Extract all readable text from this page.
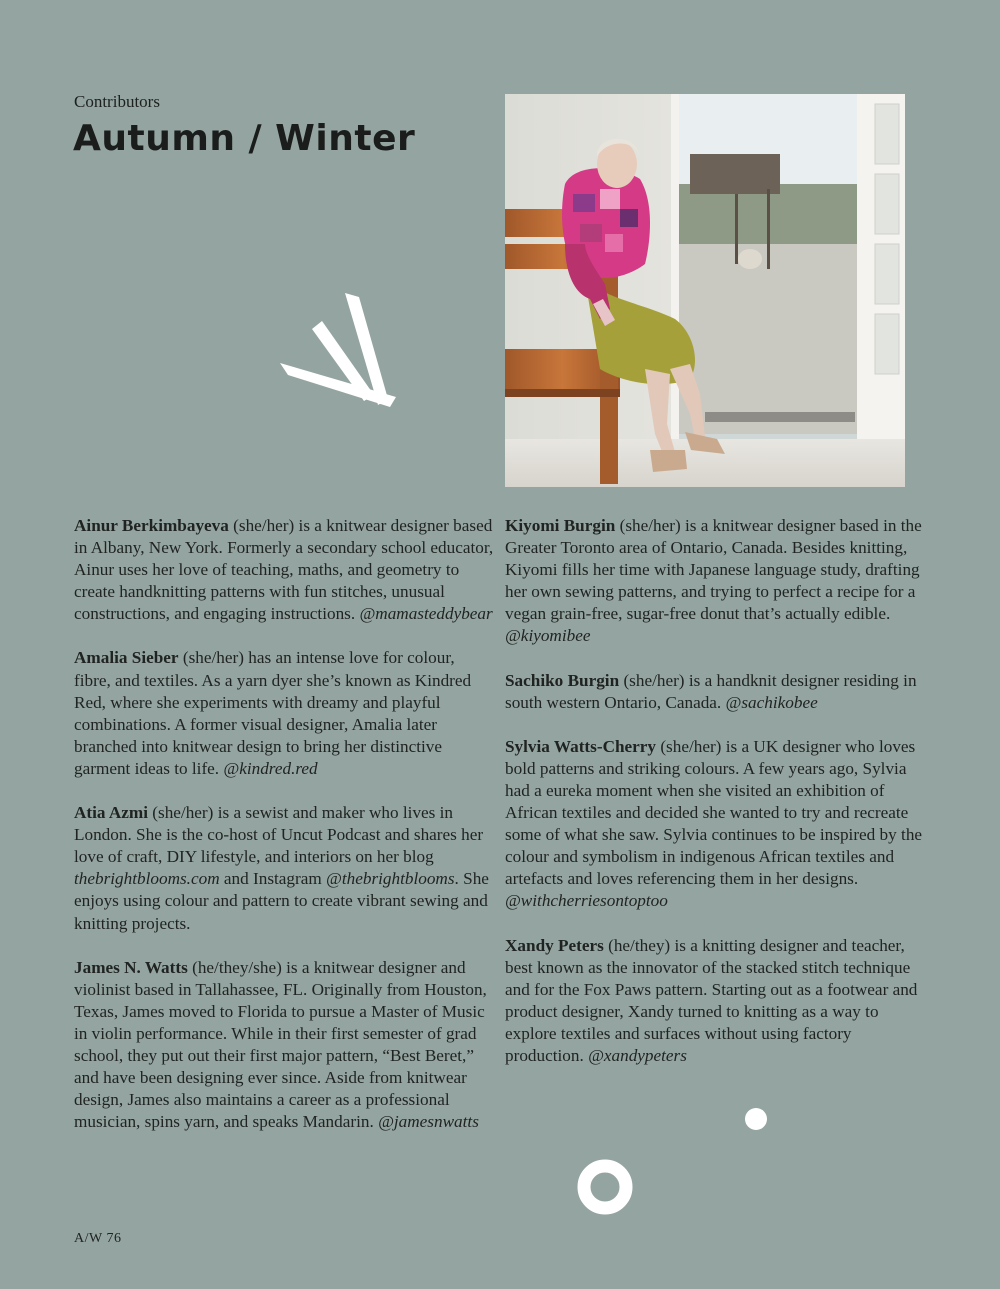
Contributors
Autumn / Winter

Ainur Berkimbayeva (she/her) is a knitwear designer based in Albany, New York. Formerly a secondary school educator, Ainur uses her love of teaching, maths, and geometry to create handknitting patterns with fun stitches, unusual constructions, and engaging instructions. @mamasteddybear

Amalia Sieber (she/her) has an intense love for colour, fibre, and textiles. As a yarn dyer she’s known as Kindred Red, where she experiments with dreamy and playful combinations. A former visual designer, Amalia later branched into knitwear design to bring her distinctive garment ideas to life. @kindred.red

Atia Azmi (she/her) is a sewist and maker who lives in London. She is the co-host of Uncut Podcast and shares her love of craft, DIY lifestyle, and interiors on her blog thebrightblooms.com and Instagram @thebrightblooms. She enjoys using colour and pattern to create vibrant sewing and knitting projects.

James N. Watts (he/they/she) is a knitwear designer and violinist based in Tallahassee, FL. Originally from Houston, Texas, James moved to Florida to pursue a Master of Music in violin performance. While in their first semester of grad school, they put out their first major pattern, “Best Beret,” and have been designing ever since. Aside from knitwear design, James also maintains a career as a professional musician, spins yarn, and speaks Mandarin. @jamesnwatts

Kiyomi Burgin (she/her) is a knitwear designer based in the Greater Toronto area of Ontario, Canada. Besides knitting, Kiyomi fills her time with Japanese language study, drafting her own sewing patterns, and trying to perfect a recipe for a vegan grain-free, sugar-free donut that’s actually edible. @kiyomibee

Sachiko Burgin (she/her) is a handknit designer residing in south western Ontario, Canada. @sachikobee

Sylvia Watts-Cherry (she/her) is a UK designer who loves bold patterns and striking colours. A few years ago, Sylvia had a eureka moment when she visited an exhibition of African textiles and decided she wanted to try and recreate some of what she saw. Sylvia continues to be inspired by the colour and symbolism in indigenous African textiles and artefacts and loves referencing them in her designs. @withcherriesontoptoo

Xandy Peters (he/they) is a knitting designer and teacher, best known as the innovator of the stacked stitch technique and for the Fox Paws pattern. Starting out as a footwear and product designer, Xandy turned to knitting as a way to explore textiles and surfaces without using factory production. @xandypeters

A/W 76
